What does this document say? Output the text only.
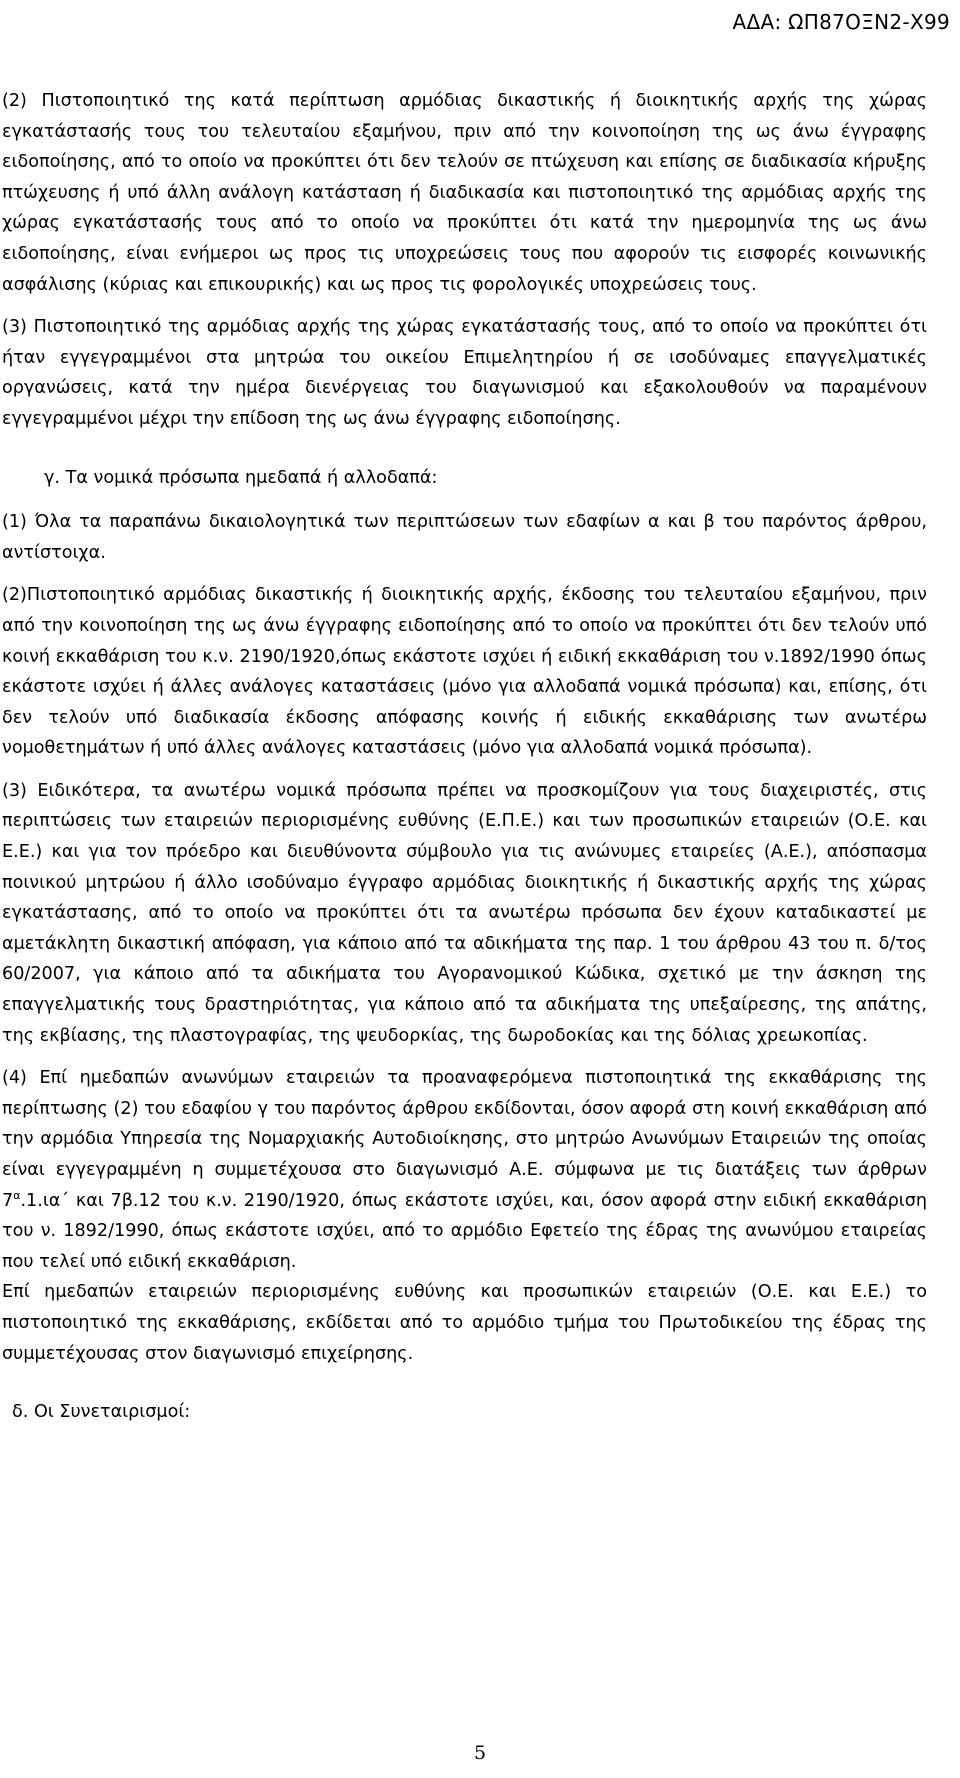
ΑΔΑ: ΩΠ87ΟΞΝ2-Χ99

(2) Πιστοποιητικό της κατά περίπτωση αρμόδιας δικαστικής ή διοικητικής αρχής της χώρας εγκατάστασής τους του τελευταίου εξαμήνου, πριν από την κοινοποίηση της ως άνω έγγραφης ειδοποίησης, από το οποίο να προκύπτει ότι δεν τελούν σε πτώχευση και επίσης σε διαδικασία κήρυξης πτώχευσης ή υπό άλλη ανάλογη κατάσταση ή διαδικασία και πιστοποιητικό της αρμόδιας αρχής της χώρας εγκατάστασής τους από το οποίο να προκύπτει ότι κατά την ημερομηνία της ως άνω ειδοποίησης, είναι ενήμεροι ως προς τις υποχρεώσεις τους που αφορούν τις εισφορές κοινωνικής ασφάλισης (κύριας και επικουρικής) και ως προς τις φορολογικές υποχρεώσεις τους.

(3) Πιστοποιητικό της αρμόδιας αρχής της χώρας εγκατάστασής τους, από το οποίο να προκύπτει ότι ήταν εγγεγραμμένοι στα μητρώα του οικείου Επιμελητηρίου ή σε ισοδύναμες επαγγελματικές οργανώσεις, κατά την ημέρα διενέργειας του διαγωνισμού και εξακολουθούν να παραμένουν εγγεγραμμένοι μέχρι την επίδοση της ως άνω έγγραφης ειδοποίησης.

γ. Τα νομικά πρόσωπα ημεδαπά ή αλλοδαπά:

(1) Όλα τα παραπάνω δικαιολογητικά των περιπτώσεων των εδαφίων α και β του παρόντος άρθρου, αντίστοιχα.

(2)Πιστοποιητικό αρμόδιας δικαστικής ή διοικητικής αρχής, έκδοσης του τελευταίου εξαμήνου, πριν από την κοινοποίηση της ως άνω έγγραφης ειδοποίησης από το οποίο να προκύπτει ότι δεν τελούν υπό κοινή εκκαθάριση του κ.ν. 2190/1920,όπως εκάστοτε ισχύει ή ειδική εκκαθάριση του ν.1892/1990 όπως εκάστοτε ισχύει ή άλλες ανάλογες καταστάσεις (μόνο για αλλοδαπά νομικά πρόσωπα) και, επίσης, ότι δεν τελούν υπό διαδικασία έκδοσης απόφασης κοινής ή ειδικής εκκαθάρισης των ανωτέρω νομοθετημάτων ή υπό άλλες ανάλογες καταστάσεις (μόνο για αλλοδαπά νομικά πρόσωπα).

(3) Ειδικότερα, τα ανωτέρω νομικά πρόσωπα πρέπει να προσκομίζουν για τους διαχειριστές, στις περιπτώσεις των εταιρειών περιορισμένης ευθύνης (Ε.Π.Ε.) και των προσωπικών εταιρειών (Ο.Ε. και Ε.Ε.) και για τον πρόεδρο και διευθύνοντα σύμβουλο για τις ανώνυμες εταιρείες (Α.Ε.), απόσπασμα ποινικού μητρώου ή άλλο ισοδύναμο έγγραφο αρμόδιας διοικητικής ή δικαστικής αρχής της χώρας εγκατάστασης, από το οποίο να προκύπτει ότι τα ανωτέρω πρόσωπα δεν έχουν καταδικαστεί με αμετάκλητη δικαστική απόφαση, για κάποιο από τα αδικήματα της παρ. 1 του άρθρου 43 του π. δ/τος 60/2007, για κάποιο από τα αδικήματα του Αγορανομικού Κώδικα, σχετικό με την άσκηση της επαγγελματικής τους δραστηριότητας, για κάποιο από τα αδικήματα της υπεξαίρεσης, της απάτης, της εκβίασης, της πλαστογραφίας, της ψευδορκίας, της δωροδοκίας και της δόλιας χρεωκοπίας.

(4) Επί ημεδαπών ανωνύμων εταιρειών τα προαναφερόμενα πιστοποιητικά της εκκαθάρισης της περίπτωσης (2) του εδαφίου γ του παρόντος άρθρου εκδίδονται, όσον αφορά στη κοινή εκκαθάριση από την αρμόδια Υπηρεσία της Νομαρχιακής Αυτοδιοίκησης, στο μητρώο Ανωνύμων Εταιρειών της οποίας είναι εγγεγραμμένη η συμμετέχουσα στο διαγωνισμό Α.Ε. σύμφωνα με τις διατάξεις των άρθρων $7^\alpha.1.\iota\alpha΄$ και 7β.12 του κ.ν. 2190/1920, όπως εκάστοτε ισχύει, και, όσον αφορά στην ειδική εκκαθάριση του ν. 1892/1990, όπως εκάστοτε ισχύει, από το αρμόδιο Εφετείο της έδρας της ανωνύμου εταιρείας που τελεί υπό ειδική εκκαθάριση.

Επί ημεδαπών εταιρειών περιορισμένης ευθύνης και προσωπικών εταιρειών (Ο.Ε. και Ε.Ε.) το πιστοποιητικό της εκκαθάρισης, εκδίδεται από το αρμόδιο τμήμα του Πρωτοδικείου της έδρας της συμμετέχουσας στον διαγωνισμό επιχείρησης.

δ. Οι Συνεταιρισμοί:

5
